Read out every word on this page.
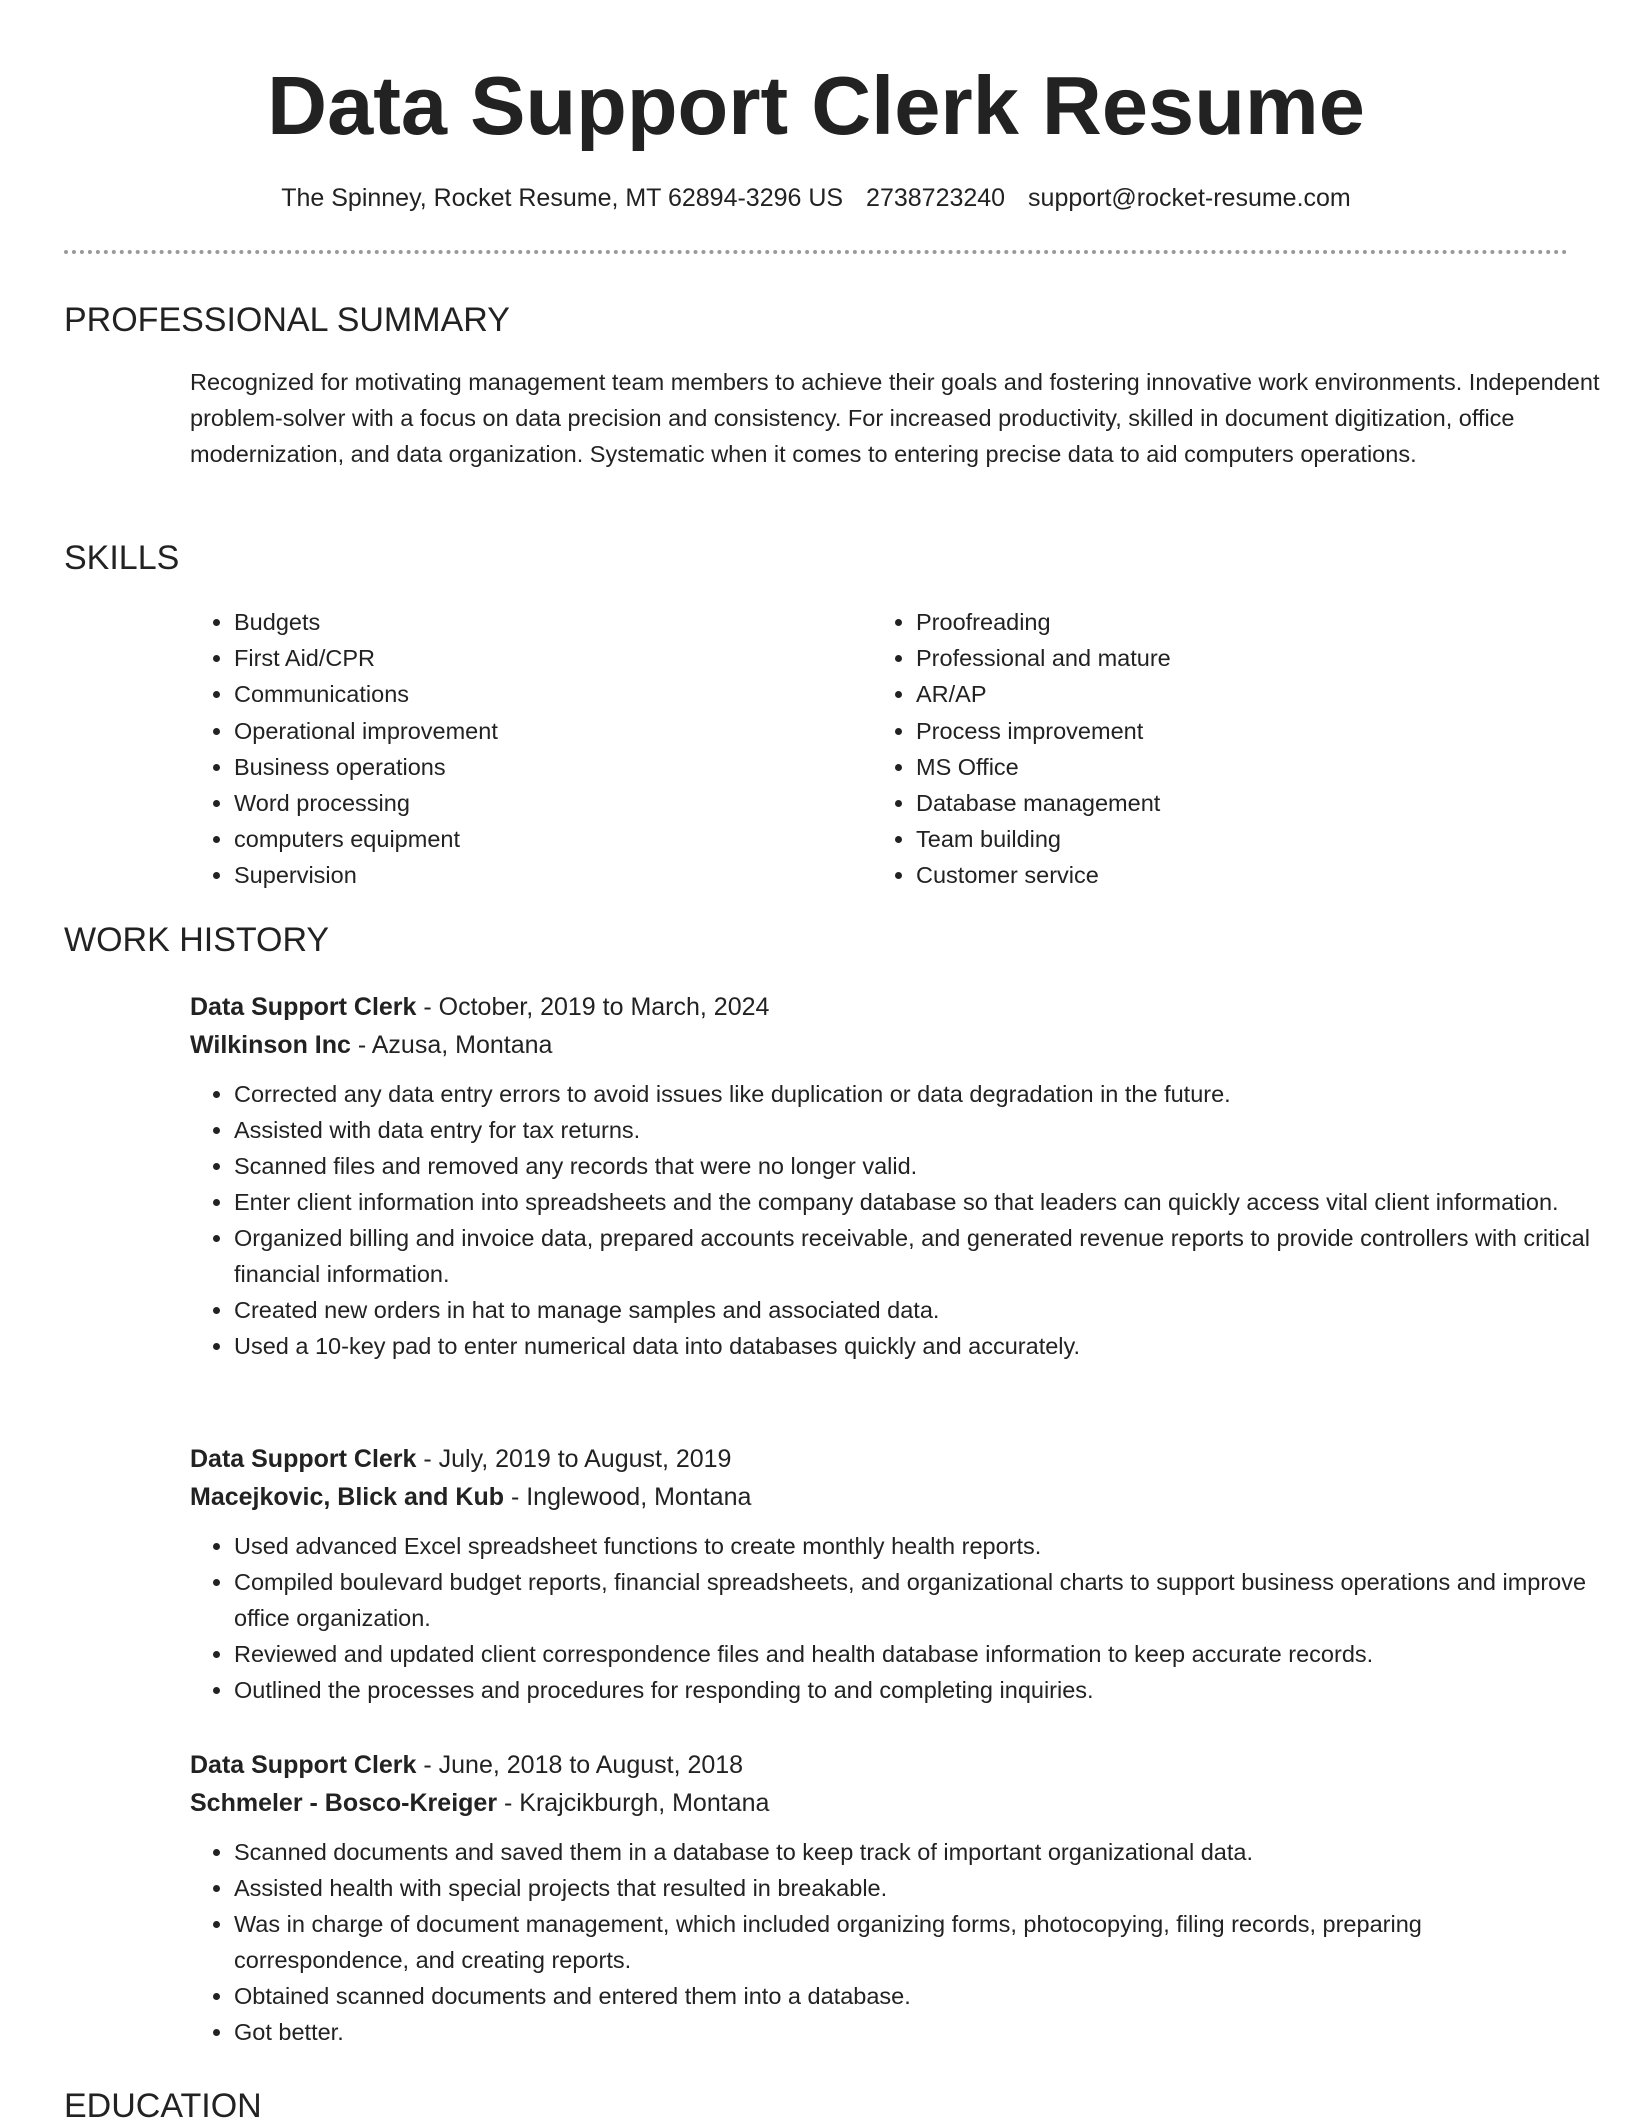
Data Support Clerk Resume
The Spinney, Rocket Resume, MT 62894-3296 US 2738723240 support@rocket-resume.com
PROFESSIONAL SUMMARY

Recognized for motivating management team members to achieve their goals and fostering innovative work environments. Independent problem-solver with a focus on data precision and consistency. For increased productivity, skilled in document digitization, office modernization, and data organization. Systematic when it comes to entering precise data to aid computers operations.

SKILLS
• Budgets
• First Aid/CPR
• Communications
• Operational improvement
• Business operations
• Word processing
• computers equipment
• Supervision
• Proofreading
• Professional and mature
• AR/AP
• Process improvement
• MS Office
• Database management
• Team building
• Customer service
WORK HISTORY

Data Support Clerk - October, 2019 to March, 2024

Wilkinson Inc - Azusa, Montana

• Corrected any data entry errors to avoid issues like duplication or data degradation in the future.
• Assisted with data entry for tax returns.
• Scanned files and removed any records that were no longer valid.
• Enter client information into spreadsheets and the company database so that leaders can quickly access vital client information.
• Organized billing and invoice data, prepared accounts receivable, and generated revenue reports to provide controllers with critical financial information.
• Created new orders in hat to manage samples and associated data.
• Used a 10-key pad to enter numerical data into databases quickly and accurately.

Data Support Clerk - July, 2019 to August, 2019

Macejkovic, Blick and Kub - Inglewood, Montana

• Used advanced Excel spreadsheet functions to create monthly health reports.
• Compiled boulevard budget reports, financial spreadsheets, and organizational charts to support business operations and improve office organization.
• Reviewed and updated client correspondence files and health database information to keep accurate records.
• Outlined the processes and procedures for responding to and completing inquiries.

Data Support Clerk - June, 2018 to August, 2018

Schmeler - Bosco-Kreiger - Krajcikburgh, Montana

• Scanned documents and saved them in a database to keep track of important organizational data.
• Assisted health with special projects that resulted in breakable.
• Was in charge of document management, which included organizing forms, photocopying, filing records, preparing correspondence, and creating reports.
• Obtained scanned documents and entered them into a database.
• Got better.
EDUCATION
